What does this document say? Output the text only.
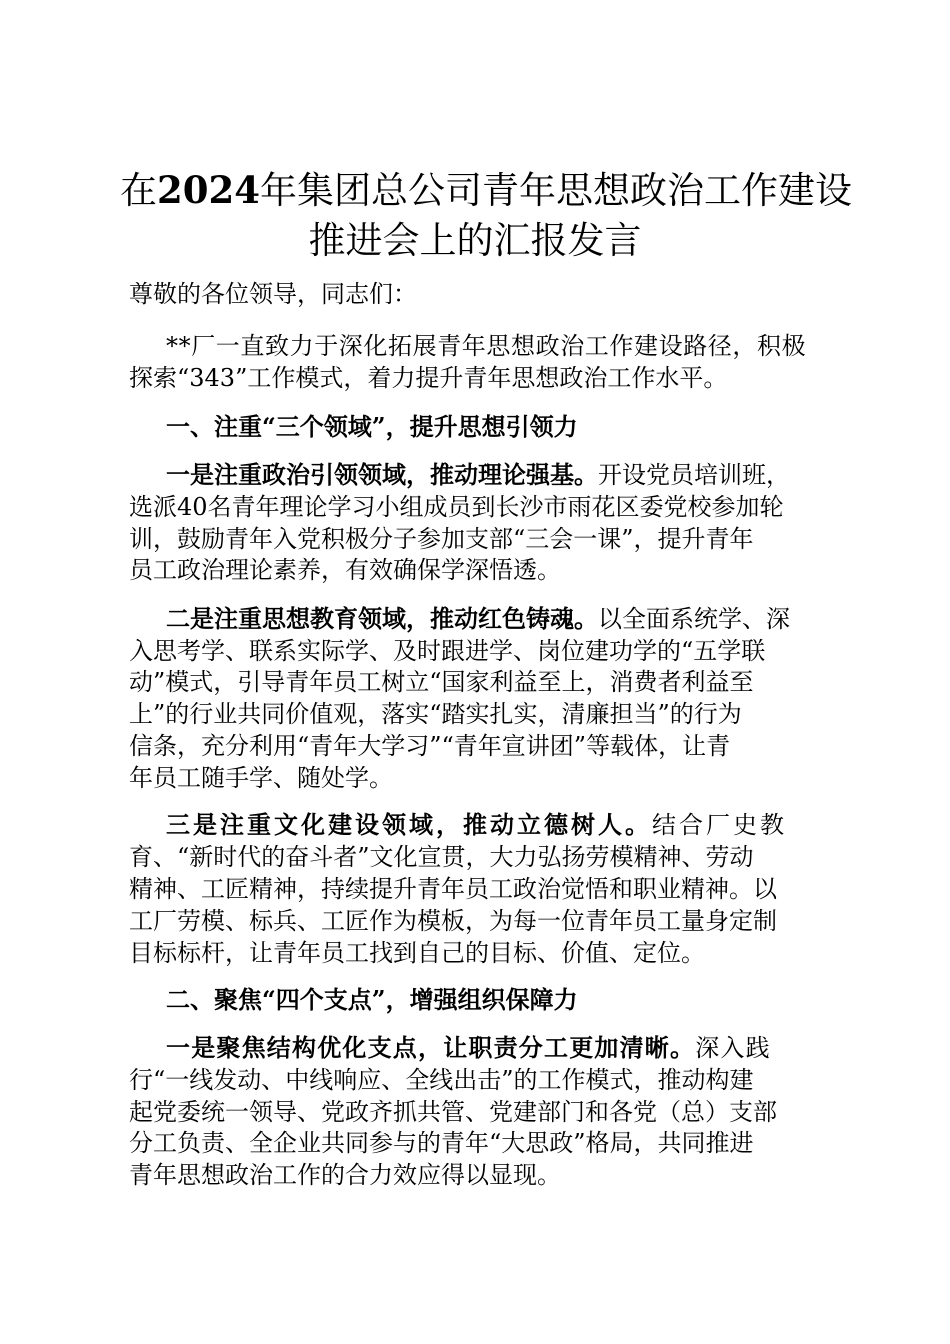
在2024年集团总公司青年思想政治工作建设
推进会上的汇报发言
尊敬的各位领导，同志们：
**厂一直致力于深化拓展青年思想政治工作建设路径，积极
探索“343”工作模式，着力提升青年思想政治工作水平。
一、注重“三个领域”，提升思想引领力
一是注重政治引领领域，推动理论强基。开设党员培训班，
选派40名青年理论学习小组成员到长沙市雨花区委党校参加轮
训，鼓励青年入党积极分子参加支部“三会一课”，提升青年
员工政治理论素养，有效确保学深悟透。
二是注重思想教育领域，推动红色铸魂。以全面系统学、深
入思考学、联系实际学、及时跟进学、岗位建功学的“五学联
动”模式，引导青年员工树立“国家利益至上，消费者利益至
上”的行业共同价值观，落实“踏实扎实，清廉担当”的行为
信条，充分利用“青年大学习”“青年宣讲团”等载体，让青
年员工随手学、随处学。
三是注重文化建设领域，推动立德树人。结合厂史教
育、“新时代的奋斗者”文化宣贯，大力弘扬劳模精神、劳动
精神、工匠精神，持续提升青年员工政治觉悟和职业精神。以
工厂劳模、标兵、工匠作为模板，为每一位青年员工量身定制
目标标杆，让青年员工找到自己的目标、价值、定位。
二、聚焦“四个支点”，增强组织保障力
一是聚焦结构优化支点，让职责分工更加清晰。深入践
行“一线发动、中线响应、全线出击”的工作模式，推动构建
起党委统一领导、党政齐抓共管、党建部门和各党（总）支部
分工负责、全企业共同参与的青年“大思政”格局，共同推进
青年思想政治工作的合力效应得以显现。
